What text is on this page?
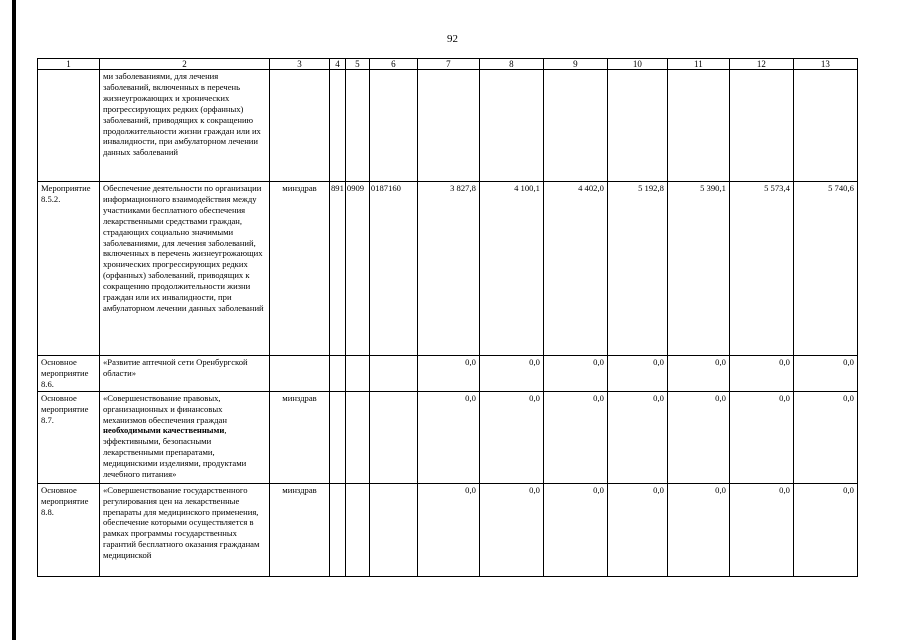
92
1	2	3	4	5	6	7	8	9	10	11	12	13
	ми заболеваниями, для лечения заболеваний, включенных в перечень жизнеугрожающих и хронических прогрессирующих редких (орфанных) заболеваний, приводящих к сокращению продолжительности жизни граждан или их инвалидности, при амбулаторном лечении данных заболеваний											
Мероприятие 8.5.2.	Обеспечение деятельности по организации информационного взаимодействия между участниками бесплатного обеспечения лекарственными средствами граждан, страдающих социально значимыми заболеваниями, для лечения заболеваний, включенных в перечень жизнеугрожающих хронических прогрессирующих редких (орфанных) заболеваний, приводящих к сокращению продолжительности жизни граждан или их инвалидности, при амбулаторном лечении данных заболеваний	минздрав	891	0909	0187160	3 827,8	4 100,1	4 402,0	5 192,8	5 390,1	5 573,4	5 740,6
Основное мероприятие 8.6.	«Развитие аптечной сети Оренбургской области»					0,0	0,0	0,0	0,0	0,0	0,0	0,0
Основное мероприятие 8.7.	«Совершенствование правовых, организационных и финансовых механизмов обеспечения граждан необходимыми качественными, эффективными, безопасными лекарственными препаратами, медицинскими изделиями, продуктами лечебного питания»	минздрав				0,0	0,0	0,0	0,0	0,0	0,0	0,0
Основное мероприятие 8.8.	«Совершенствование государственного регулирования цен на лекарственные препараты для медицинского применения, обеспечение которыми осуществляется в рамках программы государственных гарантий бесплатного оказания гражданам медицинской	минздрав				0,0	0,0	0,0	0,0	0,0	0,0	0,0
